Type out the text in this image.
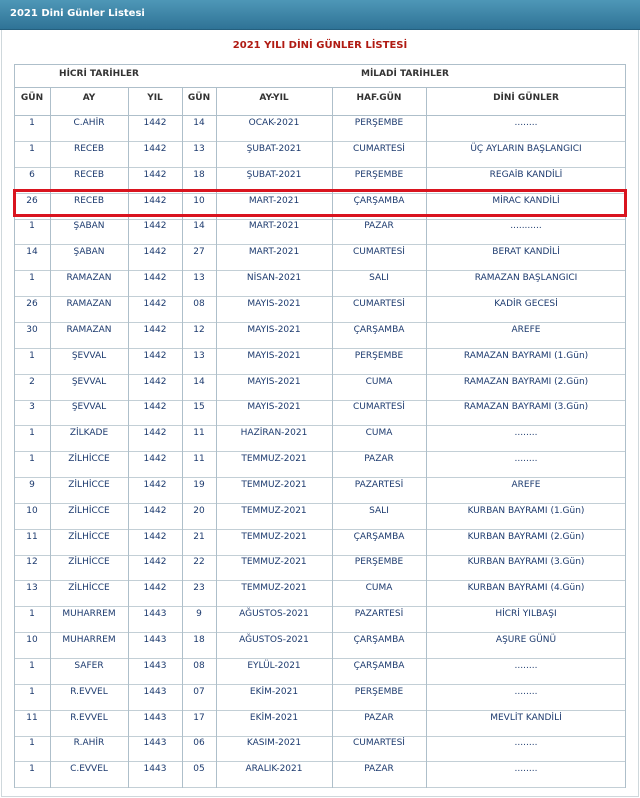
2021 Dini Günler Listesi
2021 YILI DİNİ GÜNLER LİSTESİ
HİCRİ TARİHLER	MİLADİ TARİHLER
GÜN	AY	YIL	GÜN	AY-YIL	HAF.GÜN	DİNİ GÜNLER
1	C.AHİR	1442	14	OCAK-2021	PERŞEMBE	........
1	RECEB	1442	13	ŞUBAT-2021	CUMARTESİ	ÜÇ AYLARIN BAŞLANGICI
6	RECEB	1442	18	ŞUBAT-2021	PERŞEMBE	REGAİB KANDİLİ
26	RECEB	1442	10	MART-2021	ÇARŞAMBA	MİRAC KANDİLİ
1	ŞABAN	1442	14	MART-2021	PAZAR	...........
14	ŞABAN	1442	27	MART-2021	CUMARTESİ	BERAT KANDİLİ
1	RAMAZAN	1442	13	NİSAN-2021	SALI	RAMAZAN BAŞLANGICI
26	RAMAZAN	1442	08	MAYIS-2021	CUMARTESİ	KADİR GECESİ
30	RAMAZAN	1442	12	MAYIS-2021	ÇARŞAMBA	AREFE
1	ŞEVVAL	1442	13	MAYIS-2021	PERŞEMBE	RAMAZAN BAYRAMI (1.Gün)
2	ŞEVVAL	1442	14	MAYIS-2021	CUMA	RAMAZAN BAYRAMI (2.Gün)
3	ŞEVVAL	1442	15	MAYIS-2021	CUMARTESİ	RAMAZAN BAYRAMI (3.Gün)
1	ZİLKADE	1442	11	HAZİRAN-2021	CUMA	........
1	ZİLHİCCE	1442	11	TEMMUZ-2021	PAZAR	........
9	ZİLHİCCE	1442	19	TEMMUZ-2021	PAZARTESİ	AREFE
10	ZİLHİCCE	1442	20	TEMMUZ-2021	SALI	KURBAN BAYRAMI (1.Gün)
11	ZİLHİCCE	1442	21	TEMMUZ-2021	ÇARŞAMBA	KURBAN BAYRAMI (2.Gün)
12	ZİLHİCCE	1442	22	TEMMUZ-2021	PERŞEMBE	KURBAN BAYRAMI (3.Gün)
13	ZİLHİCCE	1442	23	TEMMUZ-2021	CUMA	KURBAN BAYRAMI (4.Gün)
1	MUHARREM	1443	9	AĞUSTOS-2021	PAZARTESİ	HİCRİ YILBAŞI
10	MUHARREM	1443	18	AĞUSTOS-2021	ÇARŞAMBA	AŞURE GÜNÜ
1	SAFER	1443	08	EYLÜL-2021	ÇARŞAMBA	........
1	R.EVVEL	1443	07	EKİM-2021	PERŞEMBE	........
11	R.EVVEL	1443	17	EKİM-2021	PAZAR	MEVLİT KANDİLİ
1	R.AHİR	1443	06	KASIM-2021	CUMARTESİ	........
1	C.EVVEL	1443	05	ARALIK-2021	PAZAR	........
